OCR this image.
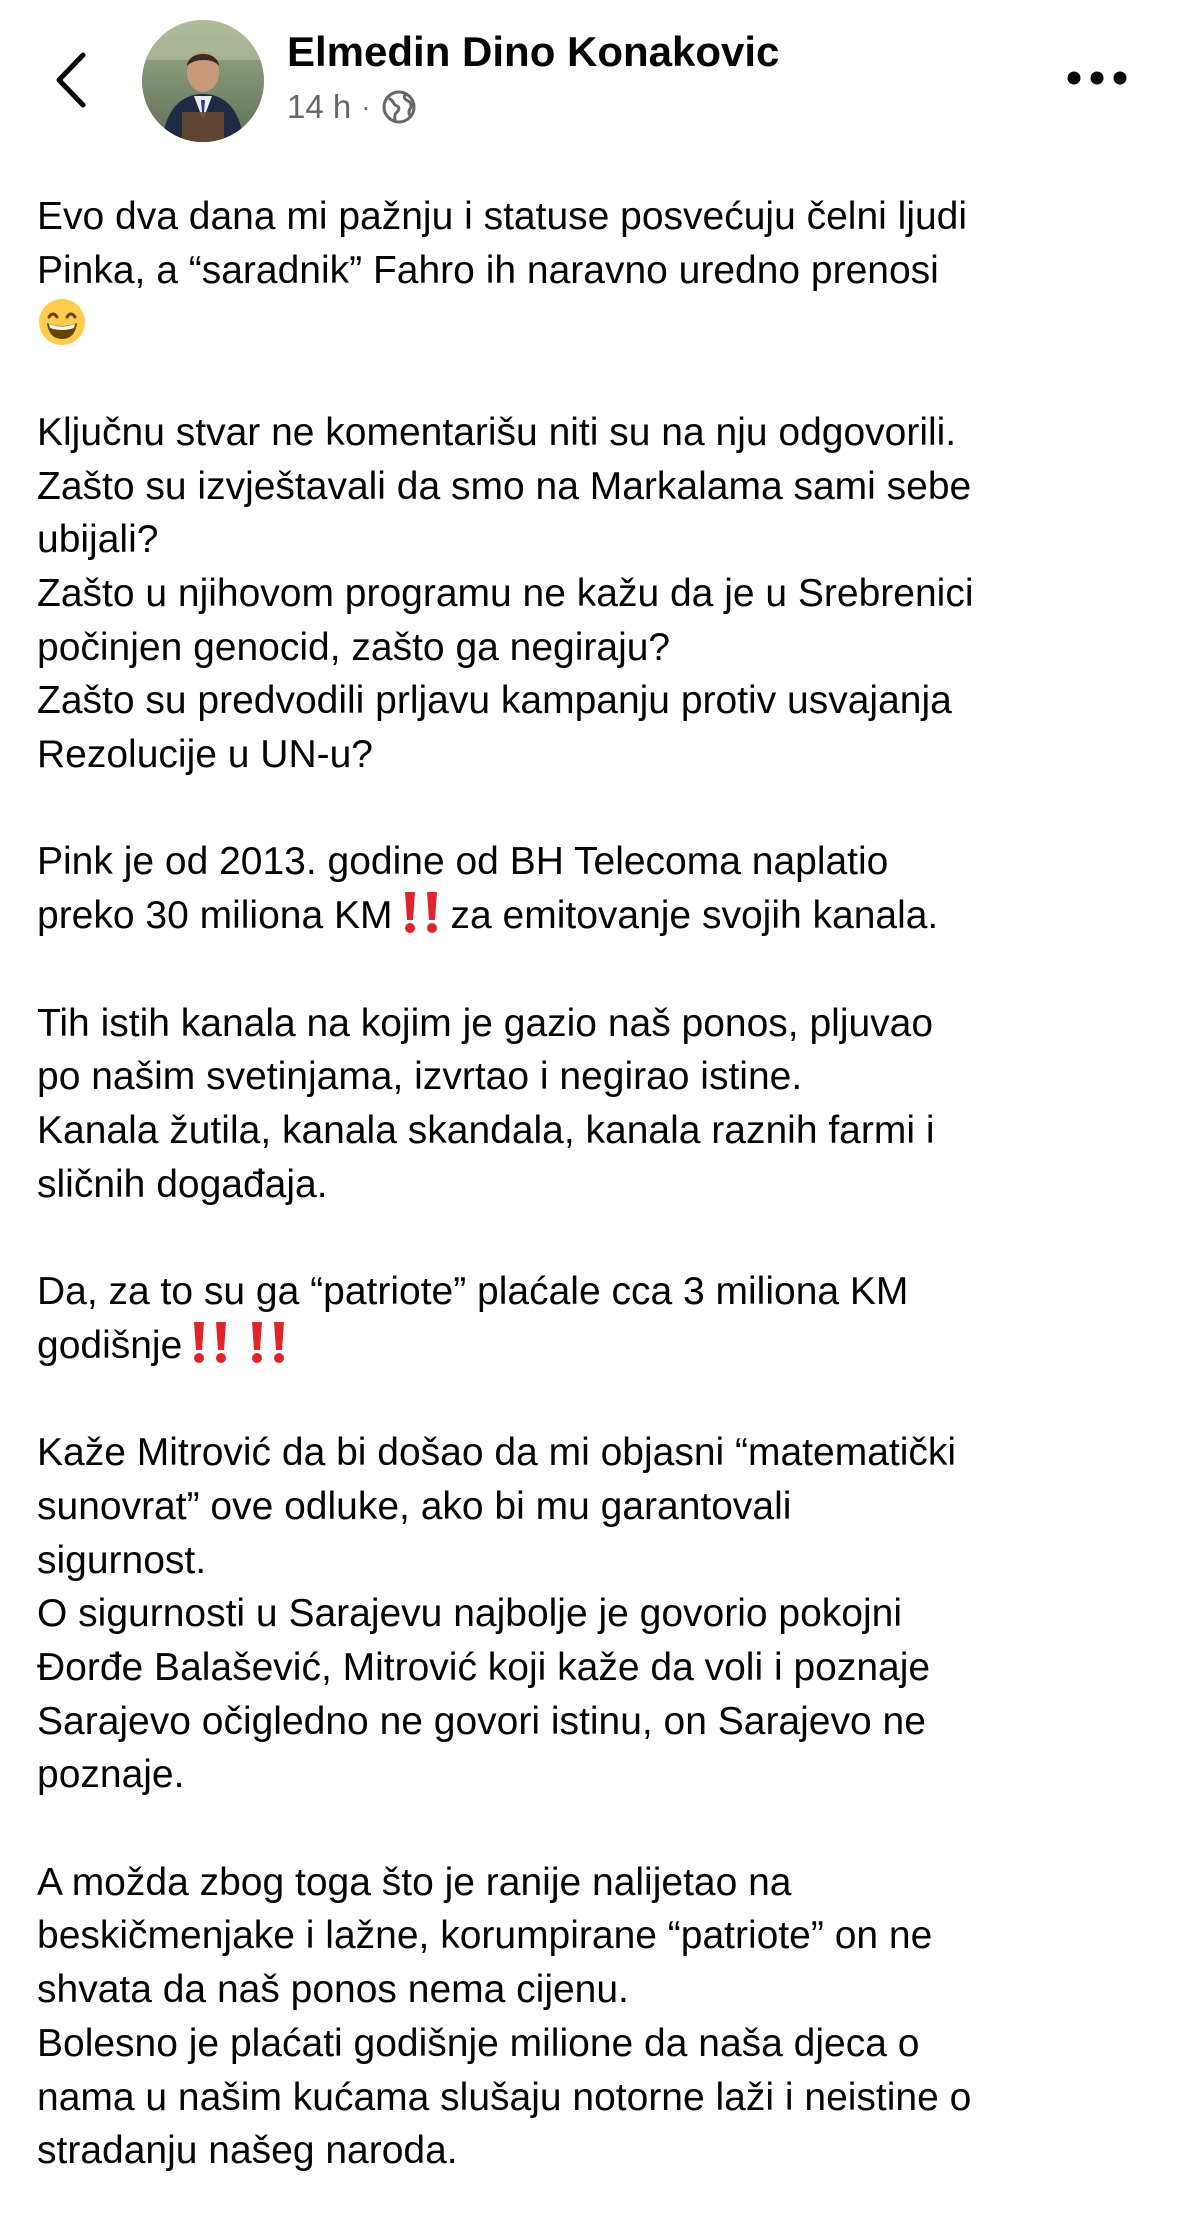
Elmedin Dino Konakovic
14 h ·

Evo dva dana mi pažnju i statuse posvećuju čelni ljudi
Pinka, a “saradnik” Fahro ih naravno uredno prenosi

Ključnu stvar ne komentarišu niti su na nju odgovorili.
Zašto su izvještavali da smo na Markalama sami sebe
ubijali?
Zašto u njihovom programu ne kažu da je u Srebrenici
počinjen genocid, zašto ga negiraju?
Zašto su predvodili prljavu kampanju protiv usvajanja
Rezolucije u UN-u?

Pink je od 2013. godine od BH Telecoma naplatio
preko 30 miliona KM za emitovanje svojih kanala.

Tih istih kanala na kojim je gazio naš ponos, pljuvao
po našim svetinjama, izvrtao i negirao istine.
Kanala žutila, kanala skandala, kanala raznih farmi i
sličnih događaja.

Da, za to su ga “patriote” plaćale cca 3 miliona KM
godišnje

Kaže Mitrović da bi došao da mi objasni “matematički
sunovrat” ove odluke, ako bi mu garantovali
sigurnost.
O sigurnosti u Sarajevu najbolje je govorio pokojni
Đorđe Balašević, Mitrović koji kaže da voli i poznaje
Sarajevo očigledno ne govori istinu, on Sarajevo ne
poznaje.

A možda zbog toga što je ranije nalijetao na
beskičmenjake i lažne, korumpirane “patriote” on ne
shvata da naš ponos nema cijenu.
Bolesno je plaćati godišnje milione da naša djeca o
nama u našim kućama slušaju notorne laži i neistine o
stradanju našeg naroda.
